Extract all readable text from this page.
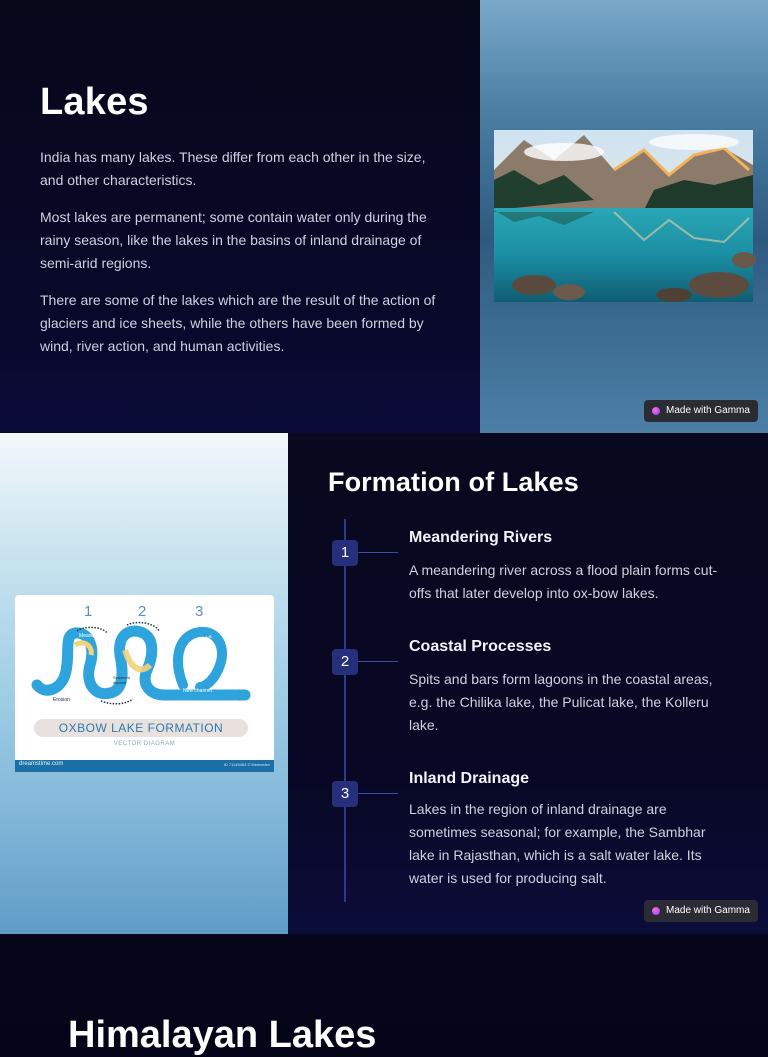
Lakes

India has many lakes. These differ from each other in the size, and other characteristics.

Most lakes are permanent; some contain water only during the rainy season, like the lakes in the basins of inland drainage of semi-arid regions.

There are some of the lakes which are the result of the action of glaciers and ice sheets, while the others have been formed by wind, river action, and human activities.

Made with Gamma
1	2	3
Meander	Oxbow lake
New channel
Erosion
Sediment deposit
OXBOW LAKE FORMATION
VECTOR DIAGRAM
dreamstime.com	ID 71145463 © Medvedev
Formation of Lakes
1
Meandering Rivers
A meandering river across a flood plain forms cut-offs that later develop into ox-bow lakes.
2
Coastal Processes
Spits and bars form lagoons in the coastal areas, e.g. the Chilika lake, the Pulicat lake, the Kolleru lake.
3
Inland Drainage
Lakes in the region of inland drainage are sometimes seasonal; for example, the Sambhar lake in Rajasthan, which is a salt water lake. Its water is used for producing salt.
Made with Gamma
Himalayan Lakes
